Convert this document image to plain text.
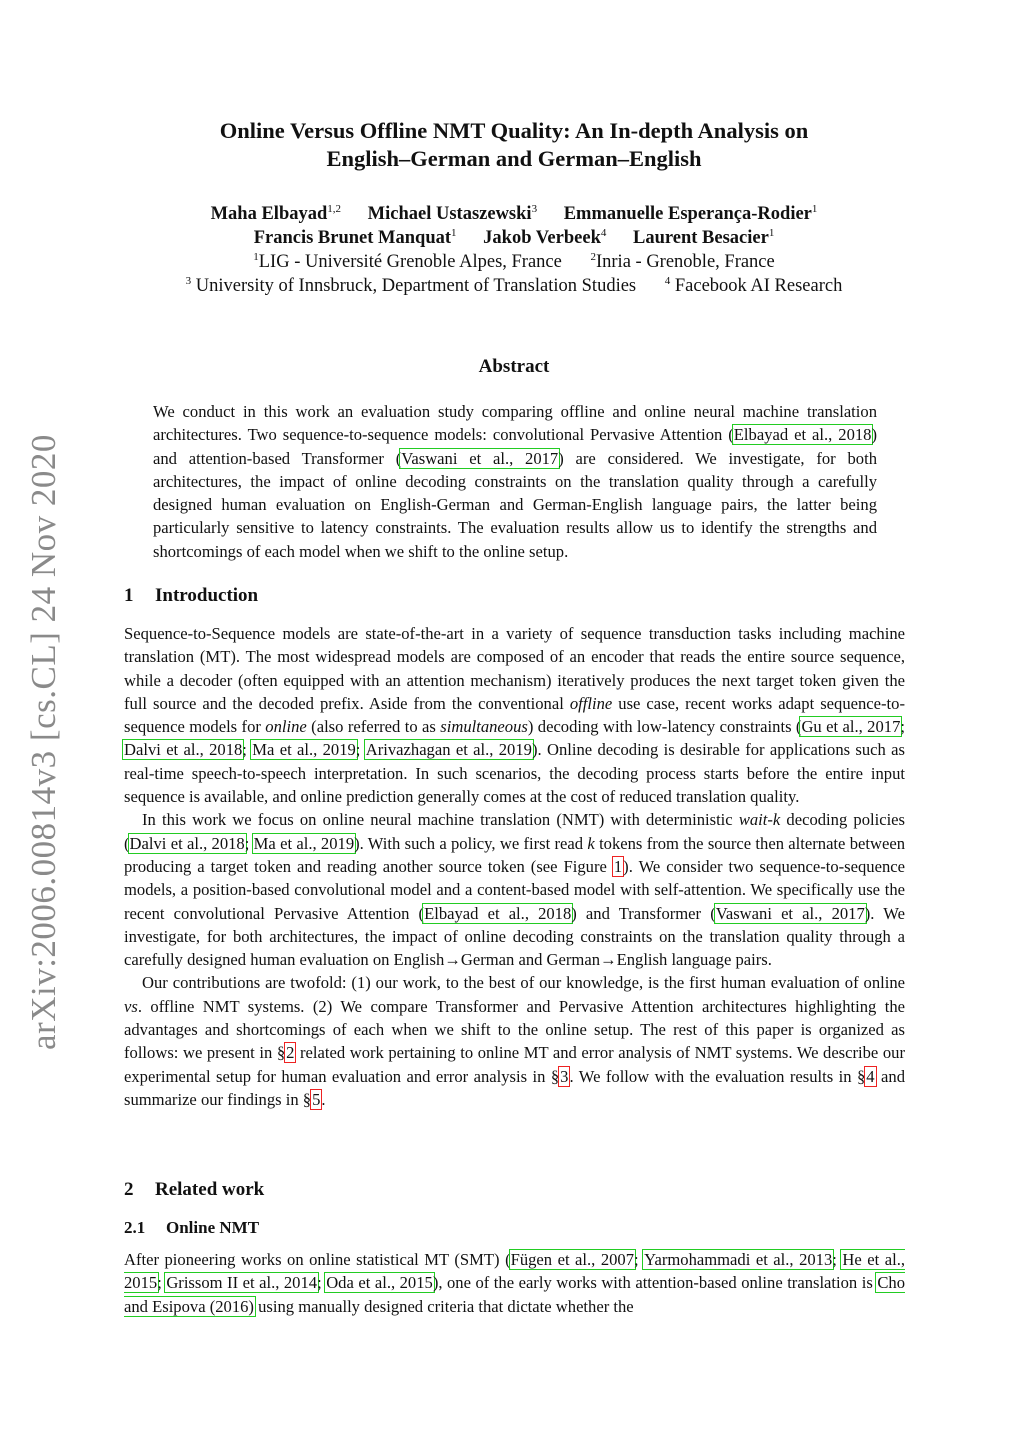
arXiv:2006.00814v3 [cs.CL] 24 Nov 2020
Online Versus Offline NMT Quality: An In-depth Analysis on
English–German and German–English
Maha Elbayad$^{1,2}$ Michael Ustaszewski$^3$ Emmanuelle Esperança-Rodier$^1$
Francis Brunet Manquat$^1$ Jakob Verbeek$^4$ Laurent Besacier$^1$
$^1$LIG - Université Grenoble Alpes, France	$^2$Inria - Grenoble, France
$^3$ University of Innsbruck, Department of Translation Studies	$^4$ Facebook AI Research
Abstract
We conduct in this work an evaluation study comparing offline and online neural machine translation architectures. Two sequence-to-sequence models: convolutional Pervasive Attention (Elbayad et al., 2018) and attention-based Transformer (Vaswani et al., 2017) are considered. We investigate, for both architectures, the impact of online decoding constraints on the translation quality through a carefully designed human evaluation on English-German and German-English language pairs, the latter being particularly sensitive to latency constraints. The evaluation results allow us to identify the strengths and shortcomings of each model when we shift to the online setup.
1 Introduction

Sequence-to-Sequence models are state-of-the-art in a variety of sequence transduction tasks including machine translation (MT). The most widespread models are composed of an encoder that reads the entire source sequence, while a decoder (often equipped with an attention mechanism) iteratively produces the next target token given the full source and the decoded prefix. Aside from the conventional offline use case, recent works adapt sequence-to-sequence models for online (also referred to as simultaneous) decoding with low-latency constraints (Gu et al., 2017; Dalvi et al., 2018; Ma et al., 2019; Arivazhagan et al., 2019). Online decoding is desirable for applications such as real-time speech-to-speech interpretation. In such scenarios, the decoding process starts before the entire input sequence is available, and online prediction generally comes at the cost of reduced translation quality.

In this work we focus on online neural machine translation (NMT) with deterministic wait-k decoding policies (Dalvi et al., 2018; Ma et al., 2019). With such a policy, we first read k tokens from the source then alternate between producing a target token and reading another source token (see Figure 1). We consider two sequence-to-sequence models, a position-based convolutional model and a content-based model with self-attention. We specifically use the recent convolutional Pervasive Attention (Elbayad et al., 2018) and Transformer (Vaswani et al., 2017). We investigate, for both architectures, the impact of online decoding constraints on the translation quality through a carefully designed human evaluation on English→German and German→English language pairs.

Our contributions are twofold: (1) our work, to the best of our knowledge, is the first human evaluation of online vs. offline NMT systems. (2) We compare Transformer and Pervasive Attention architectures highlighting the advantages and shortcomings of each when we shift to the online setup. The rest of this paper is organized as follows: we present in §2 related work pertaining to online MT and error analysis of NMT systems. We describe our experimental setup for human evaluation and error analysis in §3. We follow with the evaluation results in §4 and summarize our findings in §5.

2 Related work
2.1 Online NMT

After pioneering works on online statistical MT (SMT) (Fügen et al., 2007; Yarmohammadi et al., 2013; He et al., 2015; Grissom II et al., 2014; Oda et al., 2015), one of the early works with attention-based online translation is Cho and Esipova (2016) using manually designed criteria that dictate whether the
